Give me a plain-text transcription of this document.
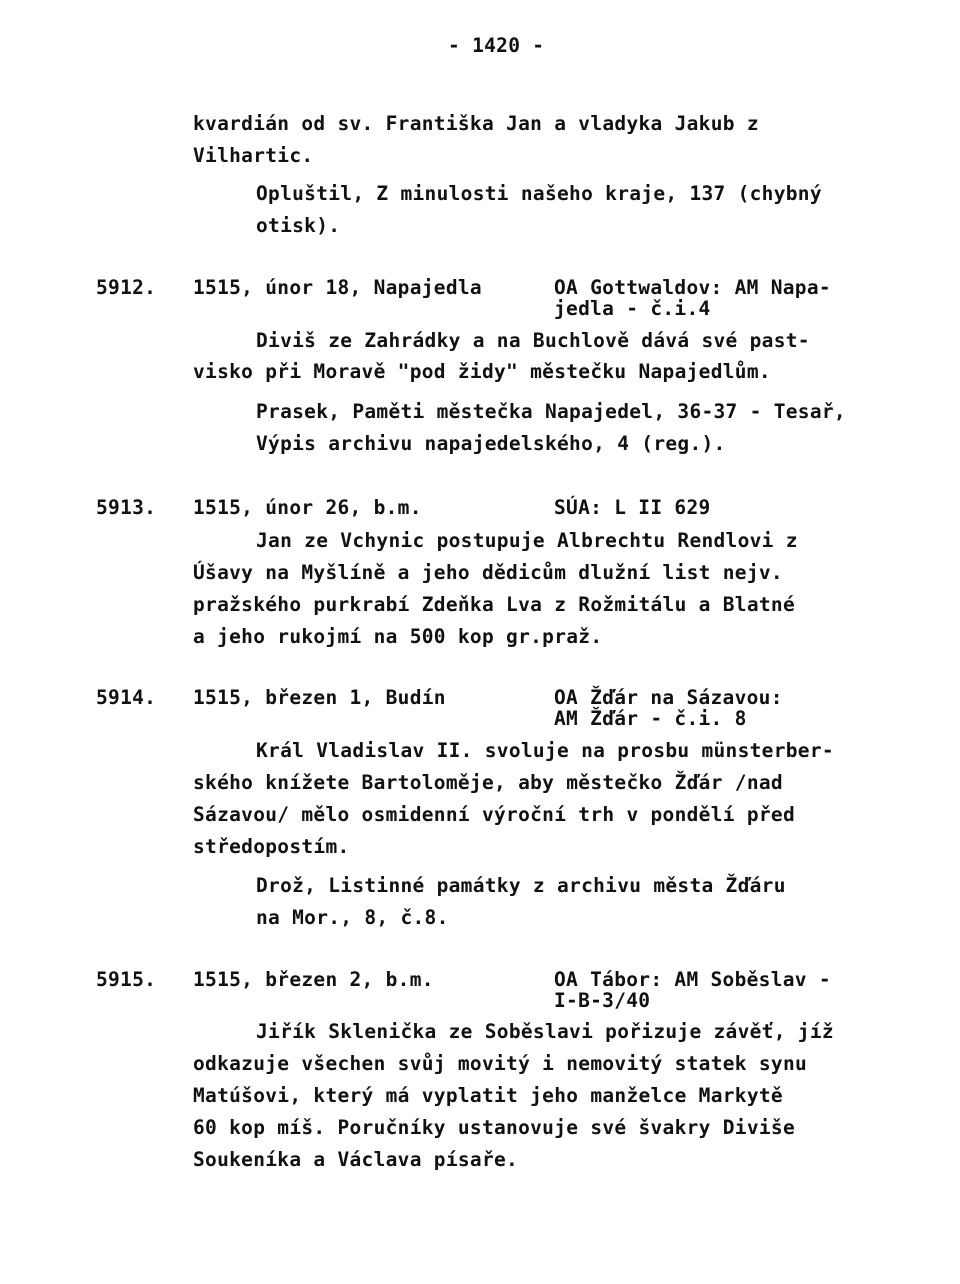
- 1420 -
kvardián od sv. Františka Jan a vladyka Jakub z
Vilhartic.
Opluštil, Z minulosti našeho kraje, 137 (chybný
otisk).
5912. 1515, únor 18, Napajedla	OA Gottwaldov: AM Napa-
jedla - č.i.4
Diviš ze Zahrádky a na Buchlově dává své past-
visko při Moravě "pod židy" městečku Napajedlům.
Prasek, Paměti městečka Napajedel, 36-37 - Tesař,
Výpis archivu napajedelského, 4 (reg.).
5913. 1515, únor 26, b.m.	SÚA: L II 629
Jan ze Vchynic postupuje Albrechtu Rendlovi z
Úšavy na Myšlíně a jeho dědicům dlužní list nejv.
pražského purkrabí Zdeňka Lva z Rožmitálu a Blatné
a jeho rukojmí na 500 kop gr.praž.
5914. 1515, březen 1, Budín	OA Žďár na Sázavou:
AM Žďár - č.i. 8
Král Vladislav II. svoluje na prosbu münsterber-
ského knížete Bartoloměje, aby městečko Žďár /nad
Sázavou/ mělo osmidenní výroční trh v pondělí před
středopostím.
Drož, Listinné památky z archivu města Žďáru
na Mor., 8, č.8.
5915. 1515, březen 2, b.m.	OA Tábor: AM Soběslav -
I-B-3/40
Jiřík Sklenička ze Soběslavi pořizuje závěť, jíž
odkazuje všechen svůj movitý i nemovitý statek synu
Matúšovi, který má vyplatit jeho manželce Markytě
60 kop míš. Poručníky ustanovuje své švakry Diviše
Soukeníka a Václava písaře.
